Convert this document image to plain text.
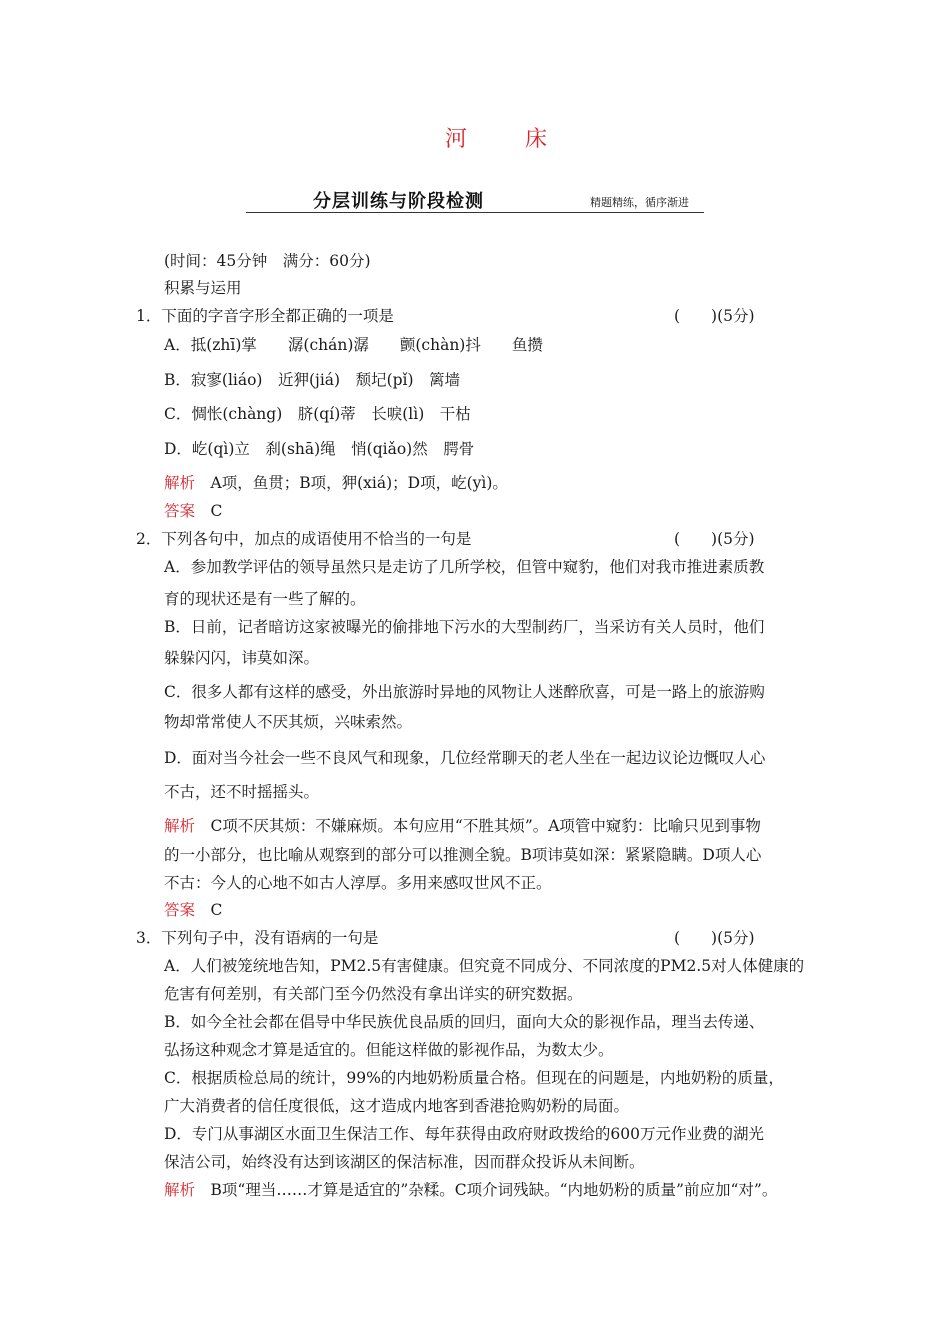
河　床
分层训练与阶段检测	精题精练，循序渐进
(时间：45分钟　满分：60分)
积累与运用
1．下面的字音字形全都正确的一项是	(　　)(5分)
A．抵(zhī)掌　　潺(chán)潺　　颤(chàn)抖　　鱼攒
B．寂寥(liáo)　近狎(jiá)　颓圮(pǐ)　篱墙
C．惆怅(chàng)　脐(qí)蒂　长唳(lì)　干枯
D．屹(qì)立　刹(shā)绳　悄(qiǎo)然　腭骨
解析　 A项，鱼贯；B项，狎(xiá)；D项，屹(yì)。
答案　 C
2．下列各句中，加点的成语使用不恰当的一句是	(　　)(5分)
A．参加教学评估的领导虽然只是走访了几所学校，但管中窥豹，他们对我市推进素质教
育的现状还是有一些了解的。
B．日前，记者暗访这家被曝光的偷排地下污水的大型制药厂，当采访有关人员时，他们
躲躲闪闪，讳莫如深。
C．很多人都有这样的感受，外出旅游时异地的风物让人迷醉欣喜，可是一路上的旅游购
物却常常使人不厌其烦，兴味索然。
D．面对当今社会一些不良风气和现象，几位经常聊天的老人坐在一起边议论边慨叹人心
不古，还不时摇摇头。
解析　 C项不厌其烦：不嫌麻烦。本句应用“不胜其烦”。A项管中窥豹：比喻只见到事物
的一小部分，也比喻从观察到的部分可以推测全貌。B项讳莫如深：紧紧隐瞒。D项人心
不古：今人的心地不如古人淳厚。多用来感叹世风不正。
答案　 C
3．下列句子中，没有语病的一句是	(　　)(5分)
A．人们被笼统地告知，PM2.5有害健康。但究竟不同成分、不同浓度的PM2.5对人体健康的
危害有何差别，有关部门至今仍然没有拿出详实的研究数据。
B．如今全社会都在倡导中华民族优良品质的回归，面向大众的影视作品，理当去传递、
弘扬这种观念才算是适宜的。但能这样做的影视作品，为数太少。
C．根据质检总局的统计，99%的内地奶粉质量合格。但现在的问题是，内地奶粉的质量，
广大消费者的信任度很低，这才造成内地客到香港抢购奶粉的局面。
D．专门从事湖区水面卫生保洁工作、每年获得由政府财政拨给的600万元作业费的湖光
保洁公司，始终没有达到该湖区的保洁标准，因而群众投诉从未间断。
解析　 B项“理当……才算是适宜的”杂糅。C项介词残缺。“内地奶粉的质量”前应加“对”。
